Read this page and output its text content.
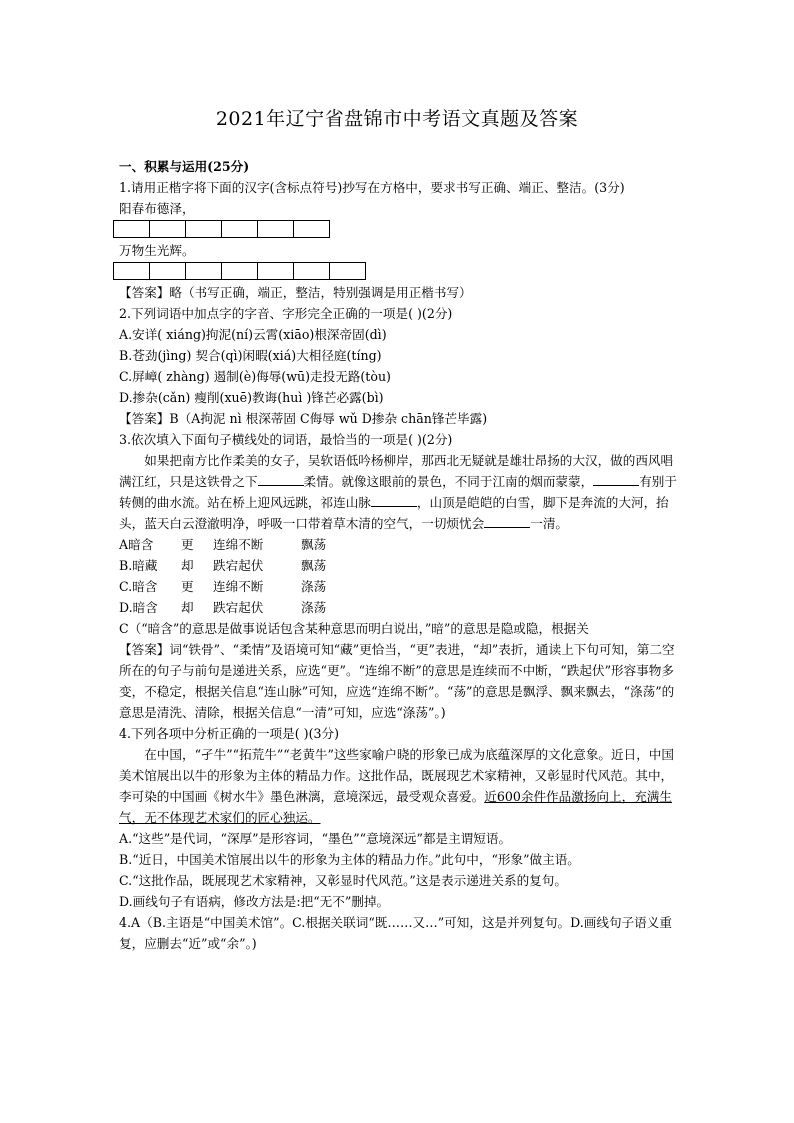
2021年辽宁省盘锦市中考语文真题及答案
一、积累与运用(25分)
1.请用正楷字将下面的汉字(含标点符号)抄写在方格中，要求书写正确、端正、整洁。(3分)
阳春布德泽，
万物生光辉。
【答案】略（书写正确，端正，整洁，特别强调是用正楷书写）
2.下列词语中加点字的字音、字形完全正确的一项是( )(2分)
A.安详( xiáng)拘泥(ní)云霄(xiāo)根深帝固(dì)
B.苍劲(jìng) 契合(qì)闲暇(xiá)大相径庭(tíng)
C.屏嶂( zhàng) 遏制(è)侮辱(wū)走投无路(tòu)
D.掺杂(cǎn) 瘦削(xuē)教诲(huì )锋芒必露(bì)
【答案】B（A拘泥 nì 根深蒂固 C侮辱 wǔ D掺杂 chān锋芒毕露)
3.依次填入下面句子横线处的词语，最恰当的一项是( )(2分)
如果把南方比作柔美的女子，吴软语低吟杨柳岸，那西北无疑就是雄壮昂扬的大汉，做的西风唱满江红，只是这铁骨之下	柔情。就像这眼前的景色，不同于江南的烟而蒙蒙，	有别于转侧的曲水流。站在桥上迎风远跳，祁连山脉	，山顶是皑皑的白雪，脚下是奔流的大河，抬头，蓝天白云澄澈明净，呼吸一口带着草木清的空气，一切烦忧会	一清。
A暗含	更	连绵不断	飘荡
B.暗藏	却	跌宕起伏	飘荡
C.暗含	更	连绵不断	涤荡
D.暗含	却	跌宕起伏	涤荡
C（“暗含”的意思是做事说话包含某种意思而明白说出，”暗”的意思是隐或隐，根据关
【答案】词“铁骨”、“柔情”及语境可知“藏”更恰当，“更”表进，“却”表折，通读上下句可知，第二空所在的句子与前句是递进关系，应选“更”。“连绵不断”的意思是连续而不中断，“跌起伏”形容事物多变，不稳定，根据关信息“连山脉”可知，应选“连绵不断”。“荡”的意思是飘浮、飘来飘去，“涤荡”的意思是清洗、清除，根据关信息“一清”可知，应选“涤荡”。)
4.下列各项中分析正确的一项是( )(3分)
在中国，“孑牛”“拓荒牛”“老黄牛”这些家喻户晓的形象已成为底蕴深厚的文化意象。近日，中国美术馆展出以牛的形象为主体的精品力作。这批作品，既展现艺术家精神，又彰显时代风范。其中，李可染的中国画《树水牛》墨色淋漓，意境深远，最受观众喜爱。近600余件作品激扬向上，充满生气，无不体现艺术家们的匠心独运。
A.“这些”是代词，“深厚”是形容词，“墨色”“意境深远”都是主谓短语。
B.“近日，中国美术馆展出以牛的形象为主体的精品力作。”此句中，“形象”做主语。
C.“这批作品，既展现艺术家精神，又彰显时代风范。”这是表示递进关系的复句。
D.画线句子有语病，修改方法是:把“无不”删掉。
4.A（B.主语是“中国美术馆”。C.根据关联词“既……又…”可知，这是并列复句。D.画线句子语义重复，应删去“近”或“余”。)
